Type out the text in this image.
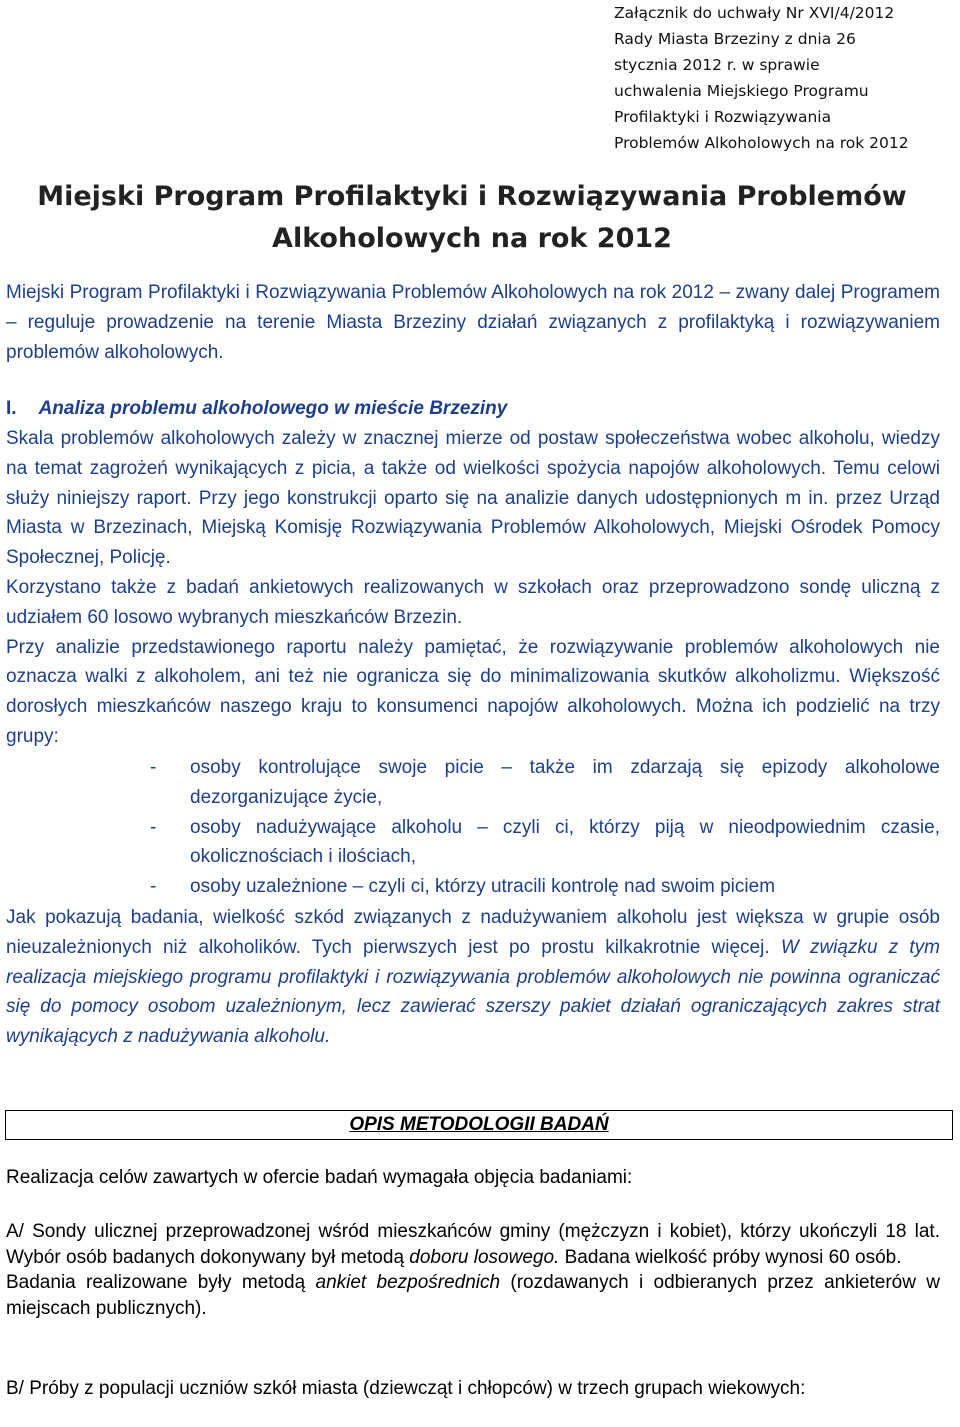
Załącznik do uchwały Nr XVI/4/2012
Rady Miasta Brzeziny z dnia 26
stycznia 2012 r. w sprawie
uchwalenia Miejskiego Programu
Profilaktyki i Rozwiązywania
Problemów Alkoholowych na rok 2012
Miejski Program Profilaktyki i Rozwiązywania Problemów
Alkoholowych na rok 2012
Miejski Program Profilaktyki i Rozwiązywania Problemów Alkoholowych na rok 2012 – zwany dalej Programem – reguluje prowadzenie na terenie Miasta Brzeziny działań związanych z profilaktyką i rozwiązywaniem problemów alkoholowych.
I. Analiza problemu alkoholowego w mieście Brzeziny
Skala problemów alkoholowych zależy w znacznej mierze od postaw społeczeństwa wobec alkoholu, wiedzy na temat zagrożeń wynikających z picia, a także od wielkości spożycia napojów alkoholowych. Temu celowi służy niniejszy raport. Przy jego konstrukcji oparto się na analizie danych udostępnionych m in. przez Urząd Miasta w Brzezinach, Miejską Komisję Rozwiązywania Problemów Alkoholowych, Miejski Ośrodek Pomocy Społecznej, Policję.
Korzystano także z badań ankietowych realizowanych w szkołach oraz przeprowadzono sondę uliczną z udziałem 60 losowo wybranych mieszkańców Brzezin.
Przy analizie przedstawionego raportu należy pamiętać, że rozwiązywanie problemów alkoholowych nie oznacza walki z alkoholem, ani też nie ogranicza się do minimalizowania skutków alkoholizmu. Większość dorosłych mieszkańców naszego kraju to konsumenci napojów alkoholowych. Można ich podzielić na trzy grupy:
-	osoby kontrolujące swoje picie – także im zdarzają się epizody alkoholowe dezorganizujące życie,
-	osoby nadużywające alkoholu – czyli ci, którzy piją w nieodpowiednim czasie, okolicznościach i ilościach,
-	osoby uzależnione – czyli ci, którzy utracili kontrolę nad swoim piciem
Jak pokazują badania, wielkość szkód związanych z nadużywaniem alkoholu jest większa w grupie osób nieuzależnionych niż alkoholików. Tych pierwszych jest po prostu kilkakrotnie więcej. W związku z tym realizacja miejskiego programu profilaktyki i rozwiązywania problemów alkoholowych nie powinna ograniczać się do pomocy osobom uzależnionym, lecz zawierać szerszy pakiet działań ograniczających zakres strat wynikających z nadużywania alkoholu.
OPIS METODOLOGII BADAŃ
Realizacja celów zawartych w ofercie badań wymagała objęcia badaniami:
A/ Sondy ulicznej przeprowadzonej wśród mieszkańców gminy (mężczyzn i kobiet), którzy ukończyli 18 lat. Wybór osób badanych dokonywany był metodą doboru losowego. Badana wielkość próby wynosi 60 osób.
Badania realizowane były metodą ankiet bezpośrednich (rozdawanych i odbieranych przez ankieterów w miejscach publicznych).
B/ Próby z populacji uczniów szkół miasta (dziewcząt i chłopców) w trzech grupach wiekowych:
